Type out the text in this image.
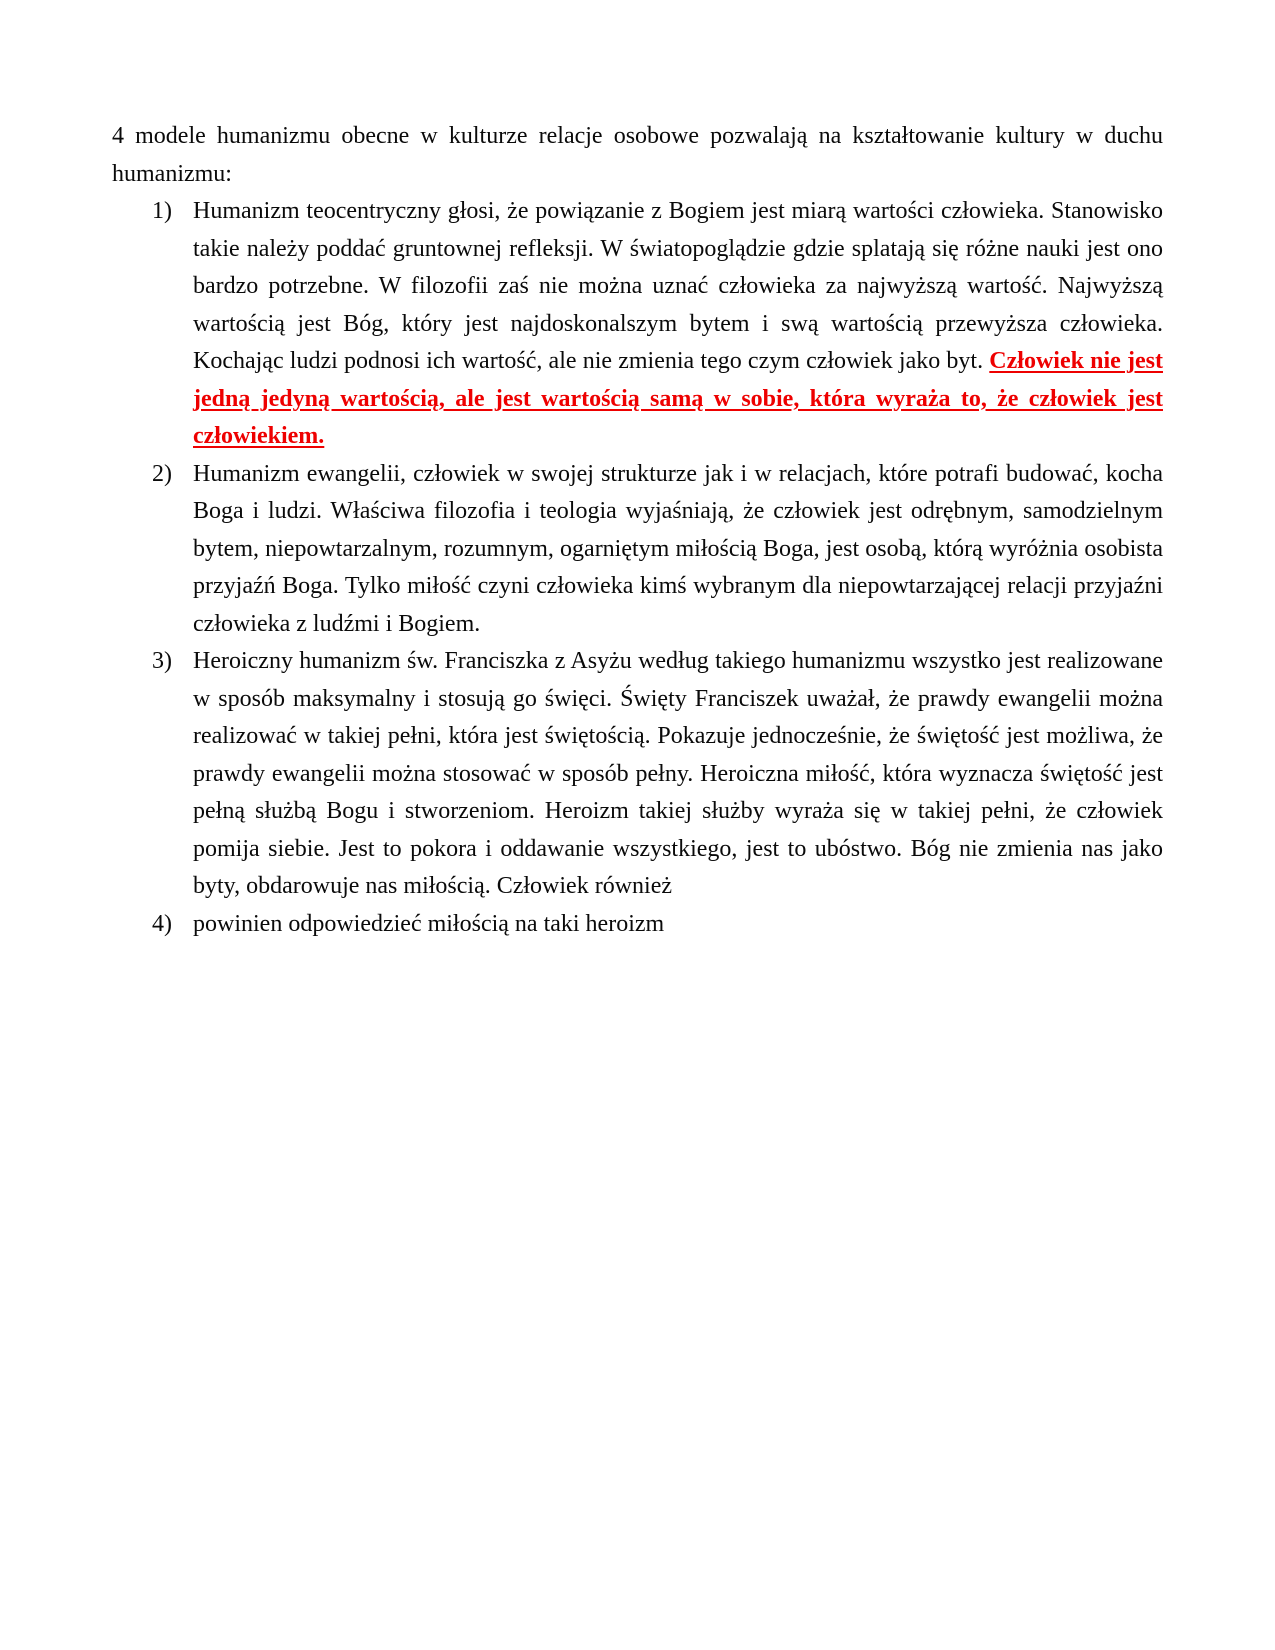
4 modele humanizmu obecne w kulturze relacje osobowe pozwalają na kształtowanie kultury w duchu humanizmu:

1) Humanizm teocentryczny głosi, że powiązanie z Bogiem jest miarą wartości człowieka. Stanowisko takie należy poddać gruntownej refleksji. W światopoglądzie gdzie splatają się różne nauki jest ono bardzo potrzebne. W filozofii zaś nie można uznać człowieka za najwyższą wartość. Najwyższą wartością jest Bóg, który jest najdoskonalszym bytem i swą wartością przewyższa człowieka. Kochając ludzi podnosi ich wartość, ale nie zmienia tego czym człowiek jako byt. Człowiek nie jest jedną jedyną wartością, ale jest wartością samą w sobie, która wyraża to, że człowiek jest człowiekiem.

2) Humanizm ewangelii, człowiek w swojej strukturze jak i w relacjach, które potrafi budować, kocha Boga i ludzi. Właściwa filozofia i teologia wyjaśniają, że człowiek jest odrębnym, samodzielnym bytem, niepowtarzalnym, rozumnym, ogarniętym miłością Boga, jest osobą, którą wyróżnia osobista przyjaźń Boga. Tylko miłość czyni człowieka kimś wybranym dla niepowtarzającej relacji przyjaźni człowieka z ludźmi i Bogiem.

3) Heroiczny humanizm św. Franciszka z Asyżu według takiego humanizmu wszystko jest realizowane w sposób maksymalny i stosują go święci. Święty Franciszek uważał, że prawdy ewangelii można realizować w takiej pełni, która jest świętością. Pokazuje jednocześnie, że świętość jest możliwa, że prawdy ewangelii można stosować w sposób pełny. Heroiczna miłość, która wyznacza świętość jest pełną służbą Bogu i stworzeniom. Heroizm takiej służby wyraża się w takiej pełni, że człowiek pomija siebie. Jest to pokora i oddawanie wszystkiego, jest to ubóstwo. Bóg nie zmienia nas jako byty, obdarowuje nas miłością. Człowiek również

4) powinien odpowiedzieć miłością na taki heroizm
